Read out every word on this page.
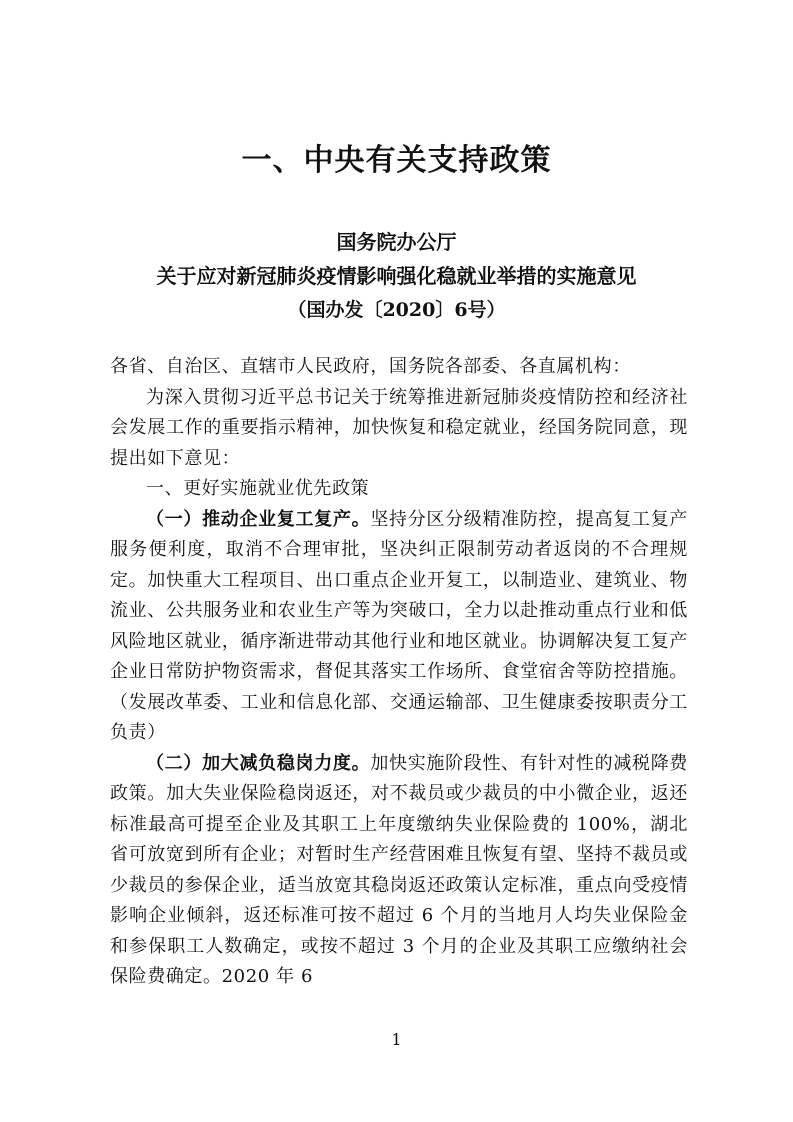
一、中央有关支持政策
国务院办公厅
关于应对新冠肺炎疫情影响强化稳就业举措的实施意见
（国办发〔2020〕6号）

各省、自治区、直辖市人民政府，国务院各部委、各直属机构：

为深入贯彻习近平总书记关于统筹推进新冠肺炎疫情防控和经济社会发展工作的重要指示精神，加快恢复和稳定就业，经国务院同意，现提出如下意见：

一、更好实施就业优先政策

（一）推动企业复工复产。坚持分区分级精准防控，提高复工复产服务便利度，取消不合理审批，坚决纠正限制劳动者返岗的不合理规定。加快重大工程项目、出口重点企业开复工，以制造业、建筑业、物流业、公共服务业和农业生产等为突破口，全力以赴推动重点行业和低风险地区就业，循序渐进带动其他行业和地区就业。协调解决复工复产企业日常防护物资需求，督促其落实工作场所、食堂宿舍等防控措施。（发展改革委、工业和信息化部、交通运输部、卫生健康委按职责分工负责）

（二）加大减负稳岗力度。加快实施阶段性、有针对性的减税降费政策。加大失业保险稳岗返还，对不裁员或少裁员的中小微企业，返还标准最高可提至企业及其职工上年度缴纳失业保险费的 100%，湖北省可放宽到所有企业；对暂时生产经营困难且恢复有望、坚持不裁员或少裁员的参保企业，适当放宽其稳岗返还政策认定标准，重点向受疫情影响企业倾斜，返还标准可按不超过 6 个月的当地月人均失业保险金和参保职工人数确定，或按不超过 3 个月的企业及其职工应缴纳社会保险费确定。2020 年 6

1
